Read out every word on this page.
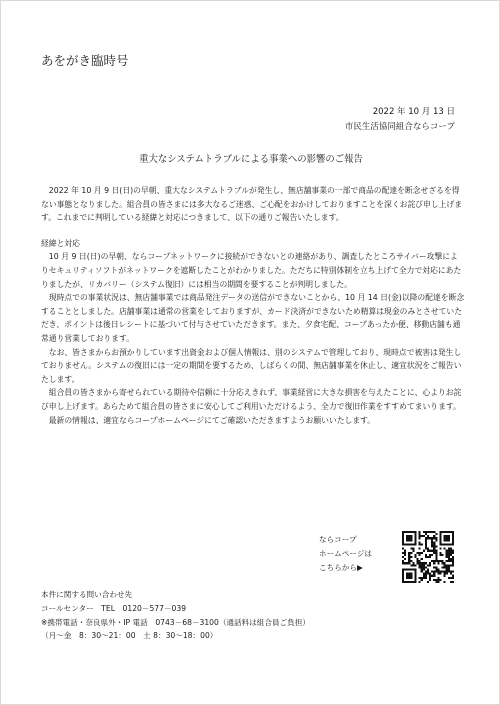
あをがき臨時号
2022 年 10 月 13 日
市民生活協同組合ならコープ
重大なシステムトラブルによる事業への影響のご報告

2022 年 10 月 9 日(日)の早朝、重大なシステムトラブルが発生し、無店舗事業の一部で商品の配達を断念せざるを得ない事態となりました。組合員の皆さまには多大なるご迷惑、ご心配をおかけしておりますことを深くお詫び申し上げます。これまでに判明している経緯と対応につきまして、以下の通りご報告いたします。

経緯と対応

10 月 9 日(日)の早朝、ならコープネットワークに接続ができないとの連絡があり、調査したところサイバー攻撃によりセキュリティソフトがネットワークを遮断したことがわかりました。ただちに特別体制を立ち上げて全力で対応にあたりましたが、リカバリー（システム復旧）には相当の期間を要することが判明しました。

現時点での事業状況は、無店舗事業では商品発注データの送信ができないことから、10 月 14 日(金)以降の配達を断念することとしました。店舗事業は通常の営業をしておりますが、カード決済ができないため精算は現金のみとさせていただき、ポイントは後日レシートに基づいて付与させていただきます。また、夕食宅配、コープあったか便、移動店舗も通常通り営業しております。

なお、皆さまからお預かりしています出資金および個人情報は、別のシステムで管理しており、現時点で被害は発生しておりません。システムの復旧には一定の期間を要するため、しばらくの間、無店舗事業を休止し、適宜状況をご報告いたします。

組合員の皆さまから寄せられている期待や信頼に十分応えきれず、事業経営に大きな損害を与えたことに、心よりお詫び申し上げます。あらためて組合員の皆さまに安心してご利用いただけるよう、全力で復旧作業をすすめてまいります。

最新の情報は、適宜ならコープホームページにてご確認いただきますようお願いいたします。

ならコープ
ホームページは
こちらから▶
本件に関する問い合わせ先
コールセンター　TEL　0120－577－039
※携帯電話・奈良県外・IP 電話　0743－68－3100（通話料は組合員ご負担）
（月～金　8：30～21：00　土 8：30～18：00）
